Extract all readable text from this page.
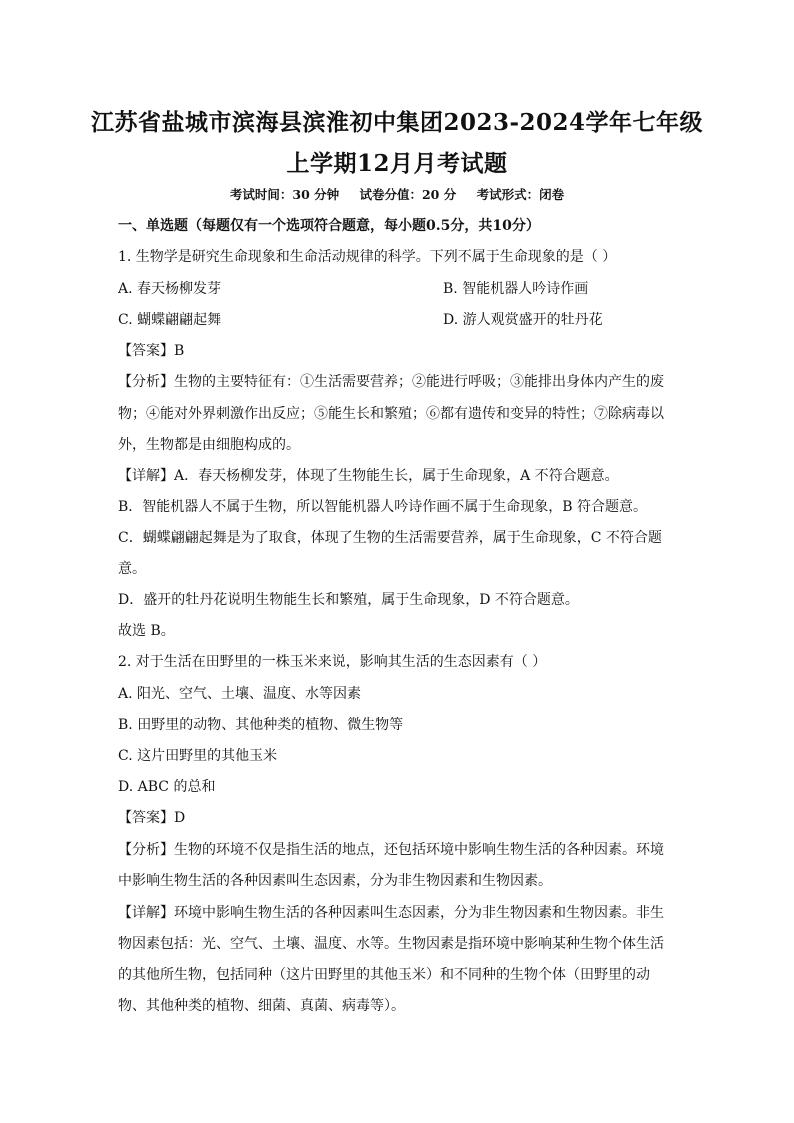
江苏省盐城市滨海县滨淮初中集团2023-2024学年七年级
上学期12月月考试题
考试时间：30 分钟 试卷分值：20 分 考试形式：闭卷
一、单选题（每题仅有一个选项符合题意，每小题0.5分，共10分）
1. 生物学是研究生命现象和生命活动规律的科学。下列不属于生命现象的是（ ）
A. 春天杨柳发芽	B. 智能机器人吟诗作画
C. 蝴蝶翩翩起舞	D. 游人观赏盛开的牡丹花
【答案】B
【分析】生物的主要特征有：①生活需要营养；②能进行呼吸；③能排出身体内产生的废
物；④能对外界刺激作出反应；⑤能生长和繁殖；⑥都有遗传和变异的特性；⑦除病毒以
外，生物都是由细胞构成的。
【详解】A．春天杨柳发芽，体现了生物能生长，属于生命现象，A 不符合题意。
B．智能机器人不属于生物，所以智能机器人吟诗作画不属于生命现象，B 符合题意。
C．蝴蝶翩翩起舞是为了取食，体现了生物的生活需要营养，属于生命现象，C 不符合题
意。
D．盛开的牡丹花说明生物能生长和繁殖，属于生命现象，D 不符合题意。
故选 B。
2. 对于生活在田野里的一株玉米来说，影响其生活的生态因素有（ ）
A. 阳光、空气、土壤、温度、水等因素
B. 田野里的动物、其他种类的植物、微生物等
C. 这片田野里的其他玉米
D. ABC 的总和
【答案】D
【分析】生物的环境不仅是指生活的地点，还包括环境中影响生物生活的各种因素。环境
中影响生物生活的各种因素叫生态因素，分为非生物因素和生物因素。
【详解】环境中影响生物生活的各种因素叫生态因素，分为非生物因素和生物因素。非生
物因素包括：光、空气、土壤、温度、水等。生物因素是指环境中影响某种生物个体生活
的其他所生物，包括同种（这片田野里的其他玉米）和不同种的生物个体（田野里的动
物、其他种类的植物、细菌、真菌、病毒等）。
